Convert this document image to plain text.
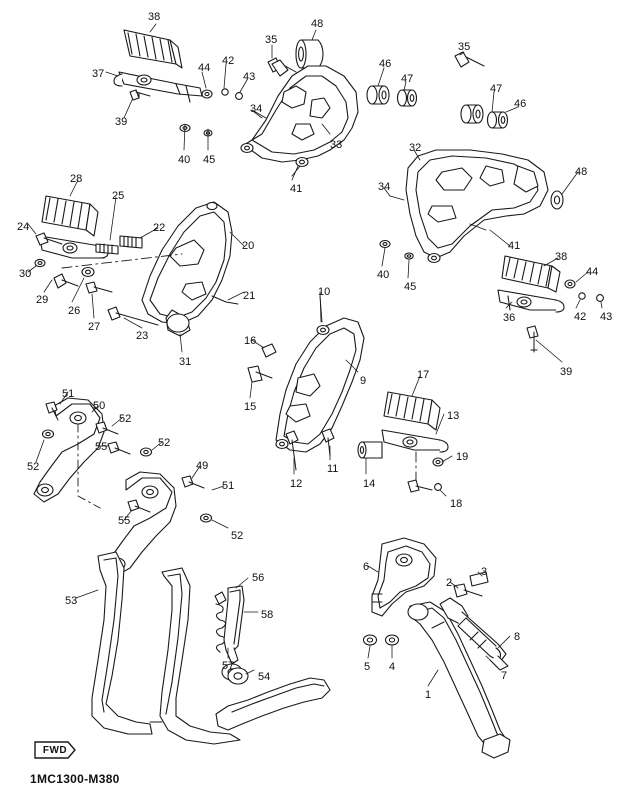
FWD
1MC1300-M380
38
48
35
35
37	44
42	46
47
47
43
46
34
39
33	32
40 45
41
48
28
34
25
24	22
20	41
38
30
29
26
40
45
44
21
27
10
36	42 43
23
31
16
39
9	17
15
13
51
50
52
52
55	52
11
12	14
19
49
51
18
55
52
56
6	3
2
53
58
8
5 4
57
7
54
1
